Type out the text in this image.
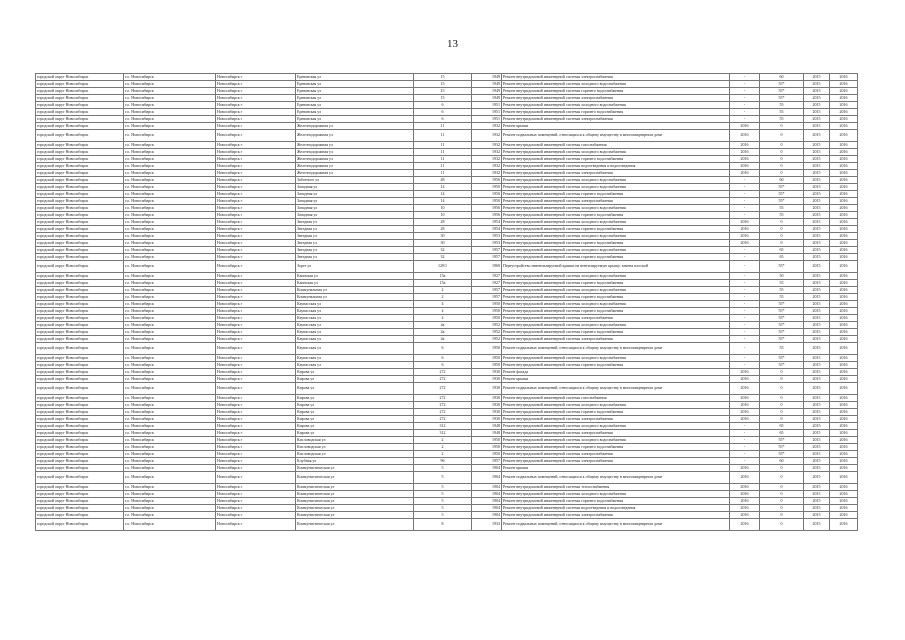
13
городской округ Новосибирск	г.о. Новосибирск	Новосибирск г	Ереванская ул	15	1949	Ремонт внутридомовой инженерной системы электроснабжения	-	60	2015	2016
городской округ Новосибирск	г.о. Новосибирск	Новосибирск г	Ереванская ул	15	1949	Ремонт внутридомовой инженерной системы холодного водоснабжения	-	55*	2015	2016
городской округ Новосибирск	г.о. Новосибирск	Новосибирск г	Ереванская ул	15	1949	Ремонт внутридомовой инженерной системы горячего водоснабжения	-	55*	2015	2016
городской округ Новосибирск	г.о. Новосибирск	Новосибирск г	Ереванская ул	15	1949	Ремонт внутридомовой инженерной системы электроснабжения	-	55*	2015	2016
городской округ Новосибирск	г.о. Новосибирск	Новосибирск г	Ереванская ул	6	1951	Ремонт внутридомовой инженерной системы холодного водоснабжения	-	55	2015	2016
городской округ Новосибирск	г.о. Новосибирск	Новосибирск г	Ереванская ул	6	1951	Ремонт внутридомовой инженерной системы горячего водоснабжения	-	55	2015	2016
городской округ Новосибирск	г.о. Новосибирск	Новосибирск г	Ереванская ул	6	1951	Ремонт внутридомовой инженерной системы электроснабжения	-	55	2015	2016
городской округ Новосибирск	г.о. Новосибирск	Новосибирск г	Железнодорожная ул	11	1932	Ремонт крыши	2016	0	2015	2016
городской округ Новосибирск	г.о. Новосибирск	Новосибирск г	Железнодорожная ул	11	1932	Ремонт подвальных помещений, относящихся к общему имуществу в многоквартирном доме	2016	0	2015	2016
городской округ Новосибирск	г.о. Новосибирск	Новосибирск г	Железнодорожная ул	11	1932	Ремонт внутридомовой инженерной системы газоснабжения	2016	0	2015	2016
городской округ Новосибирск	г.о. Новосибирск	Новосибирск г	Железнодорожная ул	11	1932	Ремонт внутридомовой инженерной системы холодного водоснабжения	2016	0	2015	2016
городской округ Новосибирск	г.о. Новосибирск	Новосибирск г	Железнодорожная ул	11	1932	Ремонт внутридомовой инженерной системы горячего водоснабжения	2016	0	2015	2016
городской округ Новосибирск	г.о. Новосибирск	Новосибирск г	Железнодорожная ул	11	1932	Ремонт внутридомовой инженерной системы водоотведения и водоотведения	2016	0	2015	2016
городской округ Новосибирск	г.о. Новосибирск	Новосибирск г	Железнодорожная ул	11	1932	Ремонт внутридомовой инженерной системы электроснабжения	2016	0	2015	2016
городской округ Новосибирск	г.о. Новосибирск	Новосибирск г	Заботного ул	48	1956	Ремонт внутридомовой инженерной системы холодного водоснабжения	-	60	2015	2016
городской округ Новосибирск	г.о. Новосибирск	Новосибирск г	Западная ул	14	1950	Ремонт внутридомовой инженерной системы холодного водоснабжения	-	55*	2015	2016
городской округ Новосибирск	г.о. Новосибирск	Новосибирск г	Западная ул	14	1950	Ремонт внутридомовой инженерной системы горячего водоснабжения	-	55*	2015	2016
городской округ Новосибирск	г.о. Новосибирск	Новосибирск г	Западная ул	14	1950	Ремонт внутридомовой инженерной системы электроснабжения	-	55*	2015	2016
городской округ Новосибирск	г.о. Новосибирск	Новосибирск г	Западная ул	10	1956	Ремонт внутридомовой инженерной системы холодного водоснабжения	-	55	2015	2016
городской округ Новосибирск	г.о. Новосибирск	Новосибирск г	Западная ул	10	1956	Ремонт внутридомовой инженерной системы горячего водоснабжения	-	55	2015	2016
городской округ Новосибирск	г.о. Новосибирск	Новосибирск г	Звездная ул	28	1954	Ремонт внутридомовой инженерной системы холодного водоснабжения	2016	0	2015	2016
городской округ Новосибирск	г.о. Новосибирск	Новосибирск г	Звездная ул	28	1954	Ремонт внутридомовой инженерной системы горячего водоснабжения	2016	0	2015	2016
городской округ Новосибирск	г.о. Новосибирск	Новосибирск г	Звездная ул	30	1953	Ремонт внутридомовой инженерной системы холодного водоснабжения	2016	0	2015	2016
городской округ Новосибирск	г.о. Новосибирск	Новосибирск г	Звездная ул	30	1953	Ремонт внутридомовой инженерной системы горячего водоснабжения	2016	0	2015	2016
городской округ Новосибирск	г.о. Новосибирск	Новосибирск г	Звездная ул	32	1957	Ремонт внутридомовой инженерной системы холодного водоснабжения	-	65	2015	2016
городской округ Новосибирск	г.о. Новосибирск	Новосибирск г	Звездная ул	32	1957	Ремонт внутридомовой инженерной системы горячего водоснабжения	-	65	2015	2016
городской округ Новосибирск	г.о. Новосибирск	Новосибирск г	Зорге ул	129/1	1969	Переустройство невентилируемой крыши на вентилируемую крышу, замена плоской	-	55*	2015	2016
городской округ Новосибирск	г.о. Новосибирск	Новосибирск г	Каинская ул	15а	1927	Ремонт внутридомовой инженерной системы холодного водоснабжения	-	50	2015	2016
городской округ Новосибирск	г.о. Новосибирск	Новосибирск г	Каинская ул	15а	1927	Ремонт внутридомовой инженерной системы горячего водоснабжения	-	55	2015	2016
городской округ Новосибирск	г.о. Новосибирск	Новосибирск г	Коммунальная ул	2	1957	Ремонт внутридомовой инженерной системы холодного водоснабжения	-	55	2015	2016
городской округ Новосибирск	г.о. Новосибирск	Новосибирск г	Коммунальная ул	2	1957	Ремонт внутридомовой инженерной системы горячего водоснабжения	-	55	2015	2016
городской округ Новосибирск	г.о. Новосибирск	Новосибирск г	Каунасская ул	4	1950	Ремонт внутридомовой инженерной системы холодного водоснабжения	-	55*	2015	2016
городской округ Новосибирск	г.о. Новосибирск	Новосибирск г	Каунасская ул	4	1950	Ремонт внутридомовой инженерной системы горячего водоснабжения	-	55*	2015	2016
городской округ Новосибирск	г.о. Новосибирск	Новосибирск г	Каунасская ул	4	1950	Ремонт внутридомовой инженерной системы электроснабжения	-	55*	2015	2016
городской округ Новосибирск	г.о. Новосибирск	Новосибирск г	Каунасская ул	4а	1952	Ремонт внутридомовой инженерной системы холодного водоснабжения	-	55*	2015	2016
городской округ Новосибирск	г.о. Новосибирск	Новосибирск г	Каунасская ул	4а	1952	Ремонт внутридомовой инженерной системы горячего водоснабжения	-	55*	2015	2016
городской округ Новосибирск	г.о. Новосибирск	Новосибирск г	Каунасская ул	4а	1952	Ремонт внутридомовой инженерной системы электроснабжения	-	55*	2015	2016
городской округ Новосибирск	г.о. Новосибирск	Новосибирск г	Каунасская ул	6	1950	Ремонт подвальных помещений, относящихся к общему имуществу в многоквартирном доме	-	55	2015	2016
городской округ Новосибирск	г.о. Новосибирск	Новосибирск г	Каунасская ул	6	1950	Ремонт внутридомовой инженерной системы холодного водоснабжения	-	55*	2015	2016
городской округ Новосибирск	г.о. Новосибирск	Новосибирск г	Каунасская ул	6	1950	Ремонт внутридомовой инженерной системы горячего водоснабжения	-	55*	2015	2016
городской округ Новосибирск	г.о. Новосибирск	Новосибирск г	Кирова ул	272	1930	Ремонт фасада	2016	0	2015	2016
городской округ Новосибирск	г.о. Новосибирск	Новосибирск г	Кирова ул	272	1930	Ремонт крыши	2016	0	2015	2016
городской округ Новосибирск	г.о. Новосибирск	Новосибирск г	Кирова ул	272	1930	Ремонт подвальных помещений, относящихся к общему имуществу в многоквартирном доме	2016	0	2015	2016
городской округ Новосибирск	г.о. Новосибирск	Новосибирск г	Кирова ул	272	1930	Ремонт внутридомовой инженерной системы газоснабжения	2016	0	2015	2016
городской округ Новосибирск	г.о. Новосибирск	Новосибирск г	Кирова ул	272	1930	Ремонт внутридомовой инженерной системы холодного водоснабжения	2016	0	2015	2016
городской округ Новосибирск	г.о. Новосибирск	Новосибирск г	Кирова ул	272	1930	Ремонт внутридомовой инженерной системы горячего водоснабжения	2016	0	2015	2016
городской округ Новосибирск	г.о. Новосибирск	Новосибирск г	Кирова ул	272	1930	Ремонт внутридомовой инженерной системы электроснабжения	2016	0	2015	2016
городской округ Новосибирск	г.о. Новосибирск	Новосибирск г	Кирова ул	312	1948	Ремонт внутридомовой инженерной системы холодного водоснабжения	-	65	2015	2016
городской округ Новосибирск	г.о. Новосибирск	Новосибирск г	Кирова ул	312	1948	Ремонт внутридомовой инженерной системы электроснабжения	-	65	2015	2016
городской округ Новосибирск	г.о. Новосибирск	Новосибирск г	Кисловодская ул	2	1950	Ремонт внутридомовой инженерной системы холодного водоснабжения	-	55*	2015	2016
городской округ Новосибирск	г.о. Новосибирск	Новосибирск г	Кисловодская ул	2	1950	Ремонт внутридомовой инженерной системы горячего водоснабжения	-	55*	2015	2016
городской округ Новосибирск	г.о. Новосибирск	Новосибирск г	Кисловодская ул	2	1950	Ремонт внутридомовой инженерной системы электроснабжения	-	55*	2015	2016
городской округ Новосибирск	г.о. Новосибирск	Новосибирск г	Клубная ул	96	1957	Ремонт внутридомовой инженерной системы электроснабжения	-	60	2015	2016
городской округ Новосибирск	г.о. Новосибирск	Новосибирск г	Коммунистическая ул	5	1904	Ремонт крыши	2016	0	2015	2016
городской округ Новосибирск	г.о. Новосибирск	Новосибирск г	Коммунистическая ул	5	1904	Ремонт подвальных помещений, относящихся к общему имуществу в многоквартирном доме	2016	0	2015	2016
городской округ Новосибирск	г.о. Новосибирск	Новосибирск г	Коммунистическая ул	5	1904	Ремонт внутридомовой инженерной системы теплоснабжения	2016	0	2015	2016
городской округ Новосибирск	г.о. Новосибирск	Новосибирск г	Коммунистическая ул	5	1904	Ремонт внутридомовой инженерной системы холодного водоснабжения	2016	0	2015	2016
городской округ Новосибирск	г.о. Новосибирск	Новосибирск г	Коммунистическая ул	5	1904	Ремонт внутридомовой инженерной системы горячего водоснабжения	2016	0	2015	2016
городской округ Новосибирск	г.о. Новосибирск	Новосибирск г	Коммунистическая ул	5	1904	Ремонт внутридомовой инженерной системы водоотведения и водоотведения	2016	0	2015	2016
городской округ Новосибирск	г.о. Новосибирск	Новосибирск г	Коммунистическая ул	5	1904	Ремонт внутридомовой инженерной системы электроснабжения	2016	0	2015	2016
городской округ Новосибирск	г.о. Новосибирск	Новосибирск г	Коммунистическая ул	8	1933	Ремонт подвальных помещений, относящихся к общему имуществу в многоквартирном доме	2016	0	2015	2016
